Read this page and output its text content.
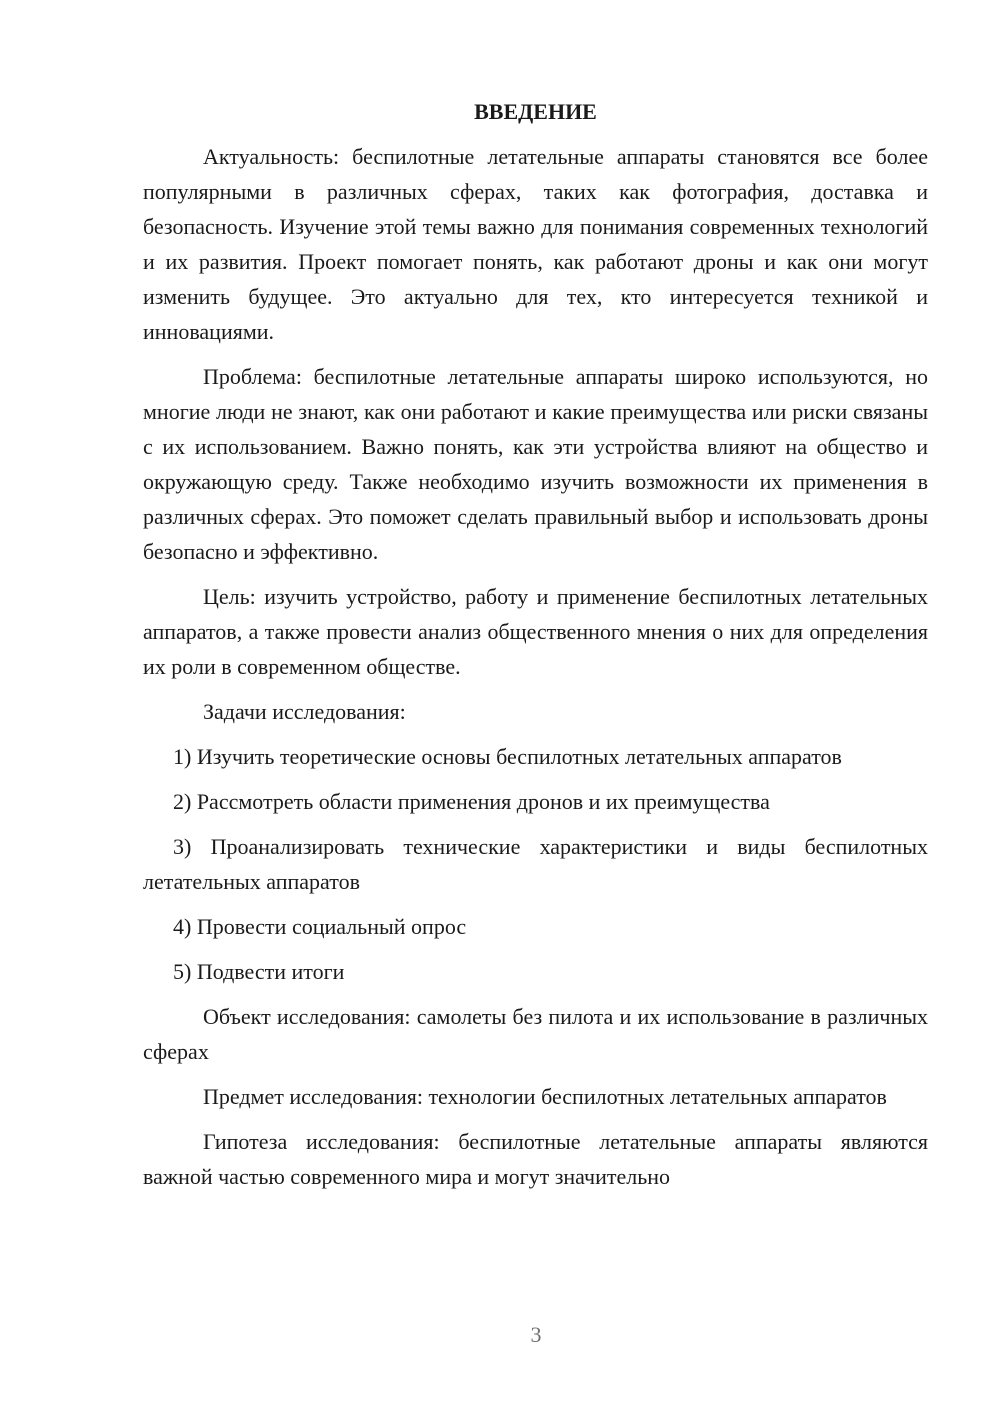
ВВЕДЕНИЕ

Актуальность: беспилотные летательные аппараты становятся все более популярными в различных сферах, таких как фотография, доставка и безопасность. Изучение этой темы важно для понимания современных технологий и их развития. Проект помогает понять, как работают дроны и как они могут изменить будущее. Это актуально для тех, кто интересуется техникой и инновациями.

Проблема: беспилотные летательные аппараты широко используются, но многие люди не знают, как они работают и какие преимущества или риски связаны с их использованием. Важно понять, как эти устройства влияют на общество и окружающую среду. Также необходимо изучить возможности их применения в различных сферах. Это поможет сделать правильный выбор и использовать дроны безопасно и эффективно.

Цель: изучить устройство, работу и применение беспилотных летательных аппаратов, а также провести анализ общественного мнения о них для определения их роли в современном обществе.

Задачи исследования:

1) Изучить теоретические основы беспилотных летательных аппаратов

2) Рассмотреть области применения дронов и их преимущества

3) Проанализировать технические характеристики и виды беспилотных летательных аппаратов

4) Провести социальный опрос

5) Подвести итоги

Объект исследования: самолеты без пилота и их использование в различных сферах

Предмет исследования: технологии беспилотных летательных аппаратов

Гипотеза исследования: беспилотные летательные аппараты являются важной частью современного мира и могут значительно

3
